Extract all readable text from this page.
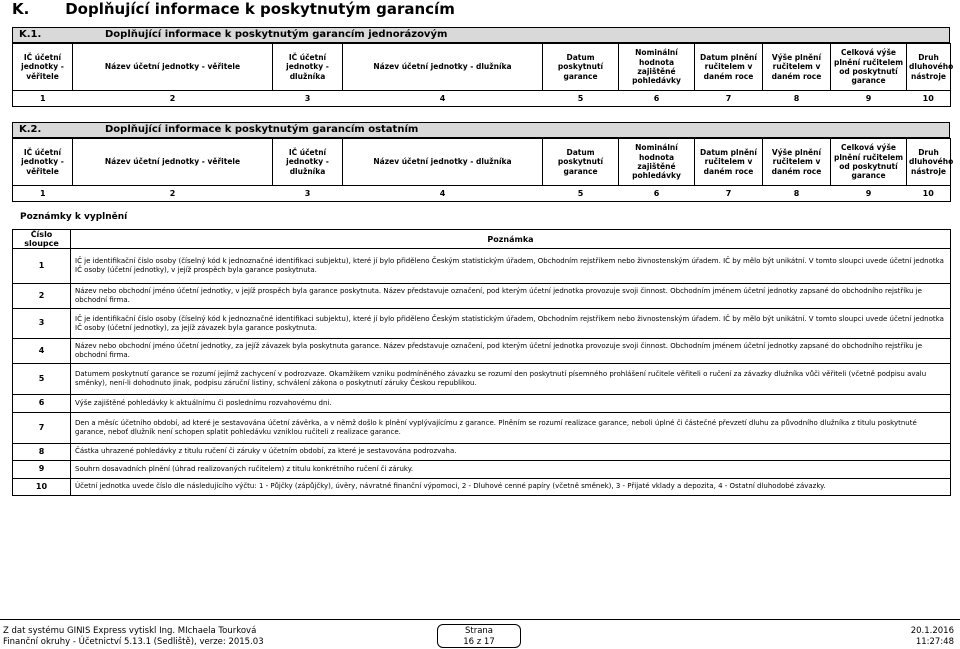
K. Doplňující informace k poskytnutým garancím
K.1.	Doplňující informace k poskytnutým garancím jednorázovým
IČ účetní jednotky - věřitele	Název účetní jednotky - věřitele	IČ účetní jednotky - dlužníka	Název účetní jednotky - dlužníka	Datum poskytnutí garance	Nominální hodnota zajištěné pohledávky	Datum plnění ručitelem v daném roce	Výše plnění ručitelem v daném roce	Celková výše plnění ručitelem od poskytnutí garance	Druh dluhového nástroje
1	2	3	4	5	6	7	8	9	10
K.2.	Doplňující informace k poskytnutým garancím ostatním
IČ účetní jednotky - věřitele	Název účetní jednotky - věřitele	IČ účetní jednotky - dlužníka	Název účetní jednotky - dlužníka	Datum poskytnutí garance	Nominální hodnota zajištěné pohledávky	Datum plnění ručitelem v daném roce	Výše plnění ručitelem v daném roce	Celková výše plnění ručitelem od poskytnutí garance	Druh dluhového nástroje
1	2	3	4	5	6	7	8	9	10
Poznámky k vyplnění
Číslo sloupce	Poznámka
1	IČ je identifikační číslo osoby (číselný kód k jednoznačné identifikaci subjektu), které jí bylo přiděleno Českým statistickým úřadem, Obchodním rejstříkem nebo živnostenským úřadem. IČ by mělo být unikátní. V tomto sloupci uvede účetní jednotka IČ osoby (účetní jednotky), v jejíž prospěch byla garance poskytnuta.
2	Název nebo obchodní jméno účetní jednotky, v jejíž prospěch byla garance poskytnuta. Název představuje označení, pod kterým účetní jednotka provozuje svoji činnost. Obchodním jménem účetní jednotky zapsané do obchodního rejstříku je obchodní firma.
3	IČ je identifikační číslo osoby (číselný kód k jednoznačné identifikaci subjektu), které jí bylo přiděleno Českým statistickým úřadem, Obchodním rejstříkem nebo živnostenským úřadem. IČ by mělo být unikátní. V tomto sloupci uvede účetní jednotka IČ osoby (účetní jednotky), za jejíž závazek byla garance poskytnuta.
4	Název nebo obchodní jméno účetní jednotky, za jejíž závazek byla poskytnuta garance. Název představuje označení, pod kterým účetní jednotka provozuje svoji činnost. Obchodním jménem účetní jednotky zapsané do obchodního rejstříku je obchodní firma.
5	Datumem poskytnutí garance se rozumí jejímž zachycení v podrozvaze. Okamžikem vzniku podmíněného závazku se rozumí den poskytnutí písemného prohlášení ručitele věřiteli o ručení za závazky dlužníka vůči věřiteli (včetně podpisu avalu směnky), není-li dohodnuto jinak, podpisu záruční listiny, schválení zákona o poskytnutí záruky Českou republikou.
6	Výše zajištěné pohledávky k aktuálnímu či poslednímu rozvahovému dni.
7	Den a měsíc účetního období, ad které je sestavována účetní závěrka, a v němž došlo k plnění vyplývajícímu z garance. Plněním se rozumí realizace garance, neboli úplné či částečné převzetí dluhu za původního dlužníka z titulu poskytnuté garance, neboť dlužník není schopen splatit pohledávku vzniklou ručiteli z realizace garance.
8	Částka uhrazené pohledávky z titulu ručení či záruky v účetním období, za které je sestavována podrozvaha.
9	Souhrn dosavadních plnění (úhrad realizovaných ručitelem) z titulu konkrétního ručení či záruky.
10	Účetní jednotka uvede číslo dle následujícího výčtu: 1 - Půjčky (zápůjčky), úvěry, návratné finanční výpomoci, 2 - Dluhové cenné papíry (včetně směnek), 3 - Přijaté vklady a depozita, 4 - Ostatní dluhodobé závazky.
Z dat systému GINIS Express vytiskl Ing. MIchaela Tourková
Finanční okruhy - Účetnictví 5.13.1 (Sedliště), verze: 2015.03
Strana
16 z 17
20.1.2016
11:27:48
